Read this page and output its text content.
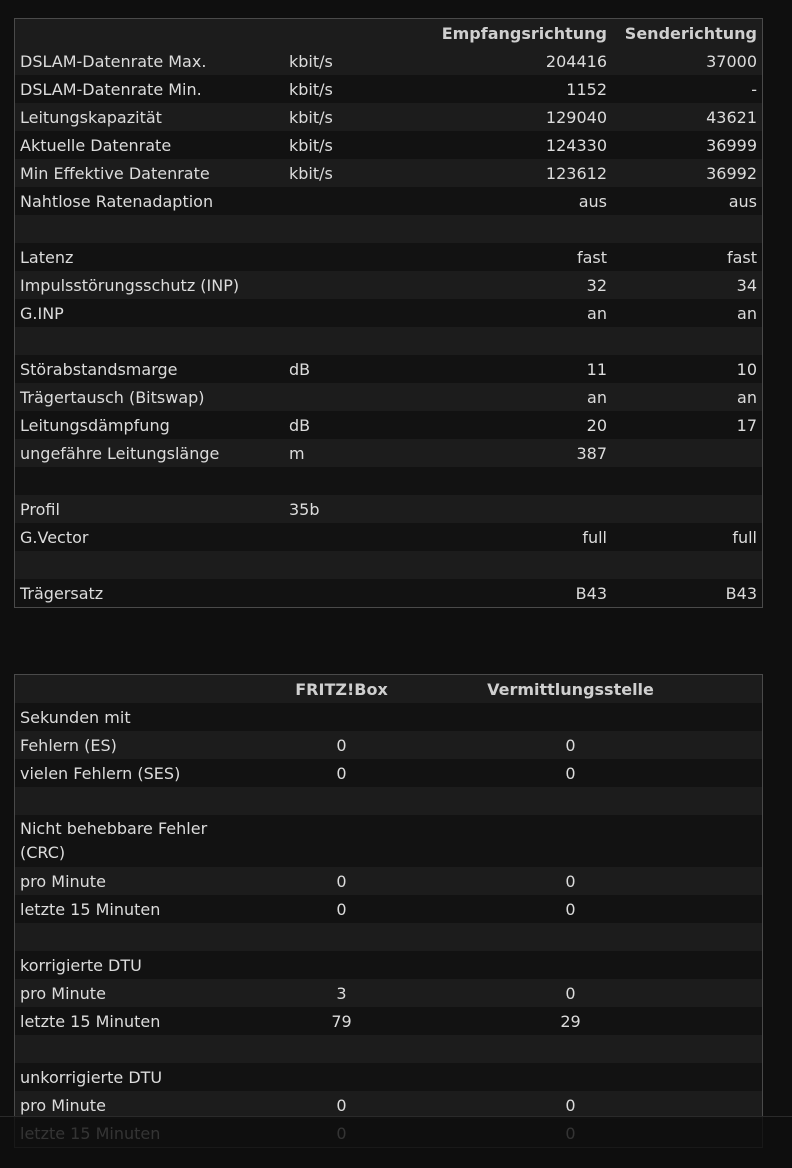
		Empfangsrichtung	Senderichtung
DSLAM-Datenrate Max.	kbit/s	204416	37000
DSLAM-Datenrate Min.	kbit/s	1152	-
Leitungskapazität	kbit/s	129040	43621
Aktuelle Datenrate	kbit/s	124330	36999
Min Effektive Datenrate	kbit/s	123612	36992
Nahtlose Ratenadaption		aus	aus

Latenz		fast	fast
Impulsstörungsschutz (INP)		32	34
G.INP		an	an

Störabstandsmarge	dB	11	10
Trägertausch (Bitswap)		an	an
Leitungsdämpfung	dB	20	17
ungefähre Leitungslänge	m	387	

Profil	35b		
G.Vector		full	full

Trägersatz		B43	B43
	FRITZ!Box	Vermittlungsstelle	
Sekunden mit			
Fehlern (ES)	0	0	
vielen Fehlern (SES)	0	0	

Nicht behebbare Fehler (CRC)			
pro Minute	0	0	
letzte 15 Minuten	0	0	

korrigierte DTU			
pro Minute	3	0	
letzte 15 Minuten	79	29	

unkorrigierte DTU			
pro Minute	0	0	
